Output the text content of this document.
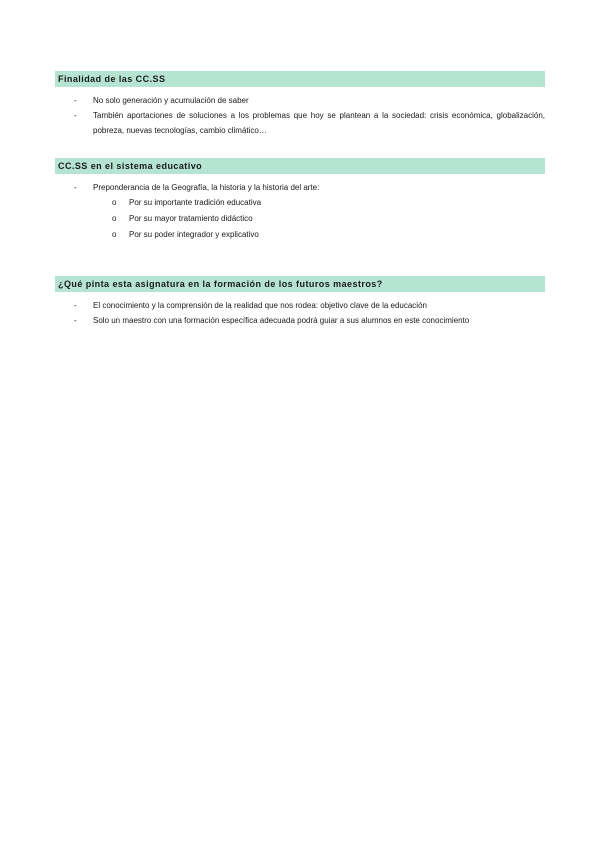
Finalidad de las CC.SS
- No solo generación y acumulación de saber
- También aportaciones de soluciones a los problemas que hoy se plantean a la sociedad: crisis económica, globalización, pobreza, nuevas tecnologías, cambio climático…
CC.SS en el sistema educativo
- Preponderancia de la Geografía, la historia y la historia del arte:
o Por su importante tradición educativa
o Por su mayor tratamiento didáctico
o Por su poder integrador y explicativo
¿Qué pinta esta asignatura en la formación de los futuros maestros?
- El conocimiento y la comprensión de la realidad que nos rodea: objetivo clave de la educación
- Solo un maestro con una formación específica adecuada podrá guiar a sus alumnos en este conocimiento
